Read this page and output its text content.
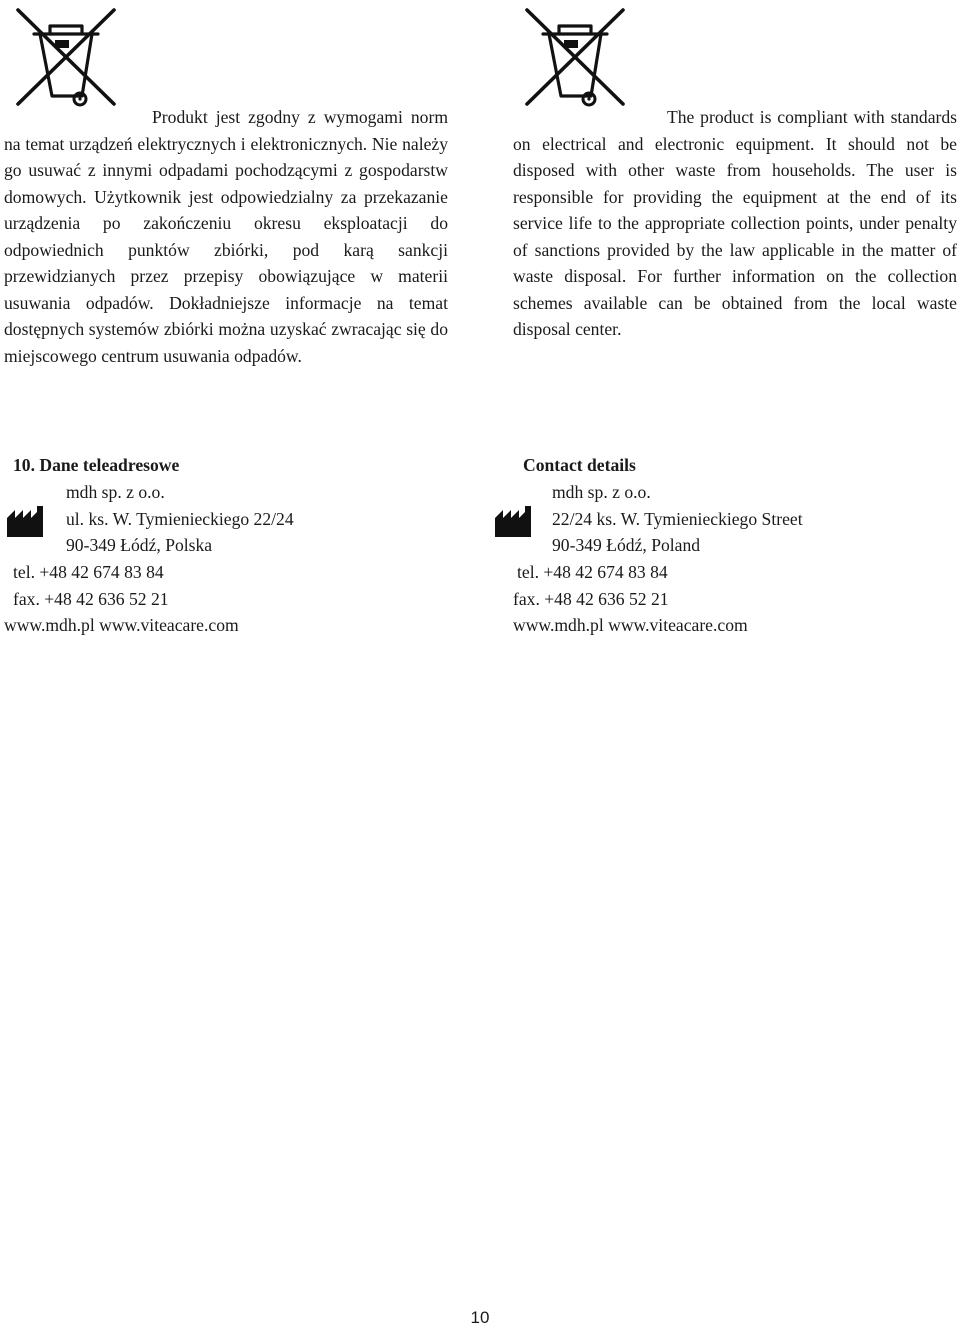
Produkt jest zgodny z wymogami norm na temat urządzeń elektrycznych i elektronicznych. Nie należy go usuwać z innymi odpadami pochodzącymi z gospodarstw domowych. Użytkownik jest odpowiedzialny za przekazanie urządzenia po zakończeniu okresu eksploatacji do odpowiednich punktów zbiórki, pod karą sankcji przewidzianych przez przepisy obowiązujące w materii usuwania odpadów. Dokładniejsze informacje na temat dostępnych systemów zbiórki można uzyskać zwracając się do miejscowego centrum usuwania odpadów.

10. Dane teleadresowe
mdh sp. z o.o.
ul. ks. W. Tymienieckiego 22/24
90-349 Łódź, Polska
tel. +48 42 674 83 84
fax. +48 42 636 52 21
www.mdh.pl www.viteacare.com

The product is compliant with standards on electrical and electronic equipment. It should not be disposed with other waste from households. The user is responsible for providing the equipment at the end of its service life to the appropriate collection points, under penalty of sanctions provided by the law applicable in the matter of waste disposal. For further information on the collection schemes available can be obtained from the local waste disposal center.

Contact details
mdh sp. z o.o.
22/24 ks. W. Tymienieckiego Street
90-349 Łódź, Poland
tel. +48 42 674 83 84
fax. +48 42 636 52 21
www.mdh.pl www.viteacare.com
10
